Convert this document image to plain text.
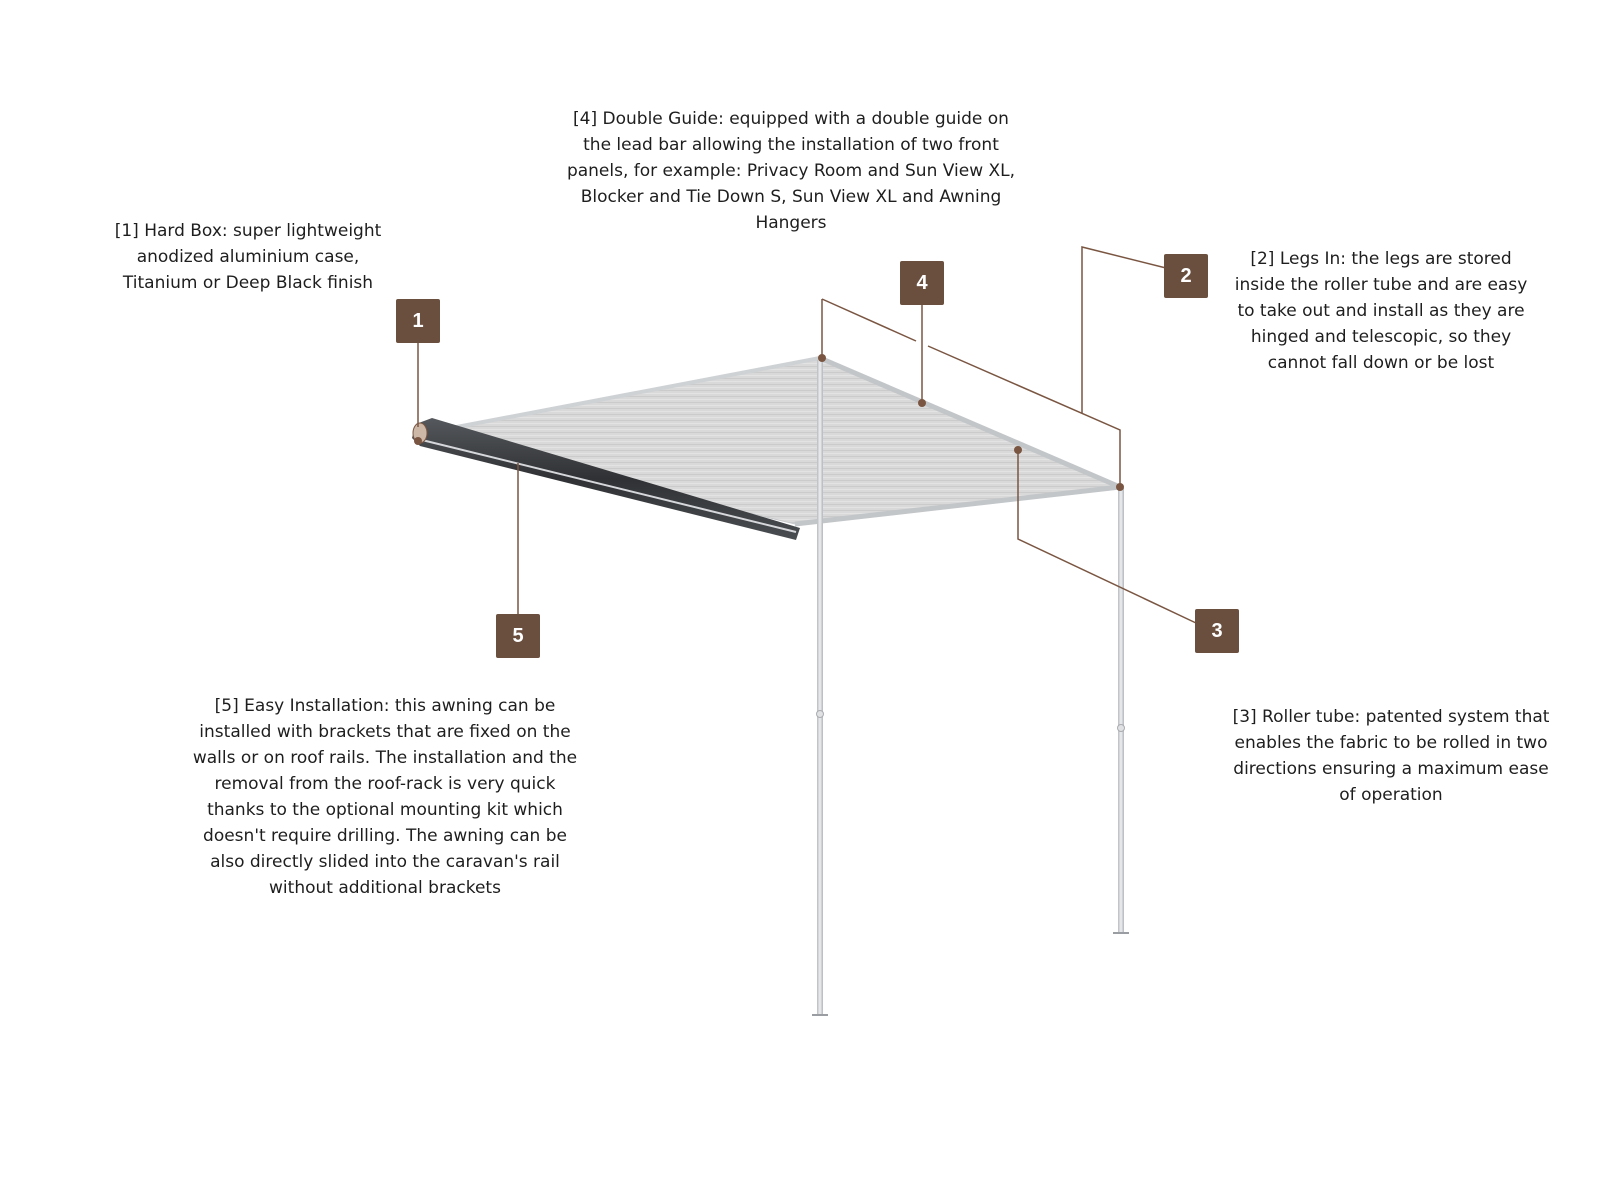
1
2
3
4
5
[1] Hard Box: super lightweight anodized aluminium case, Titanium or Deep Black finish
[2] Legs In: the legs are stored inside the roller tube and are easy to take out and install as they are hinged and telescopic, so they cannot fall down or be lost
[3] Roller tube: patented system that enables the fabric to be rolled in two directions ensuring a maximum ease of operation
[4] Double Guide: equipped with a double guide on the lead bar allowing the installation of two front panels, for example: Privacy Room and Sun View XL, Blocker and Tie Down S, Sun View XL and Awning Hangers
[5] Easy Installation: this awning can be installed with brackets that are fixed on the walls or on roof rails. The installation and the removal from the roof-rack is very quick thanks to the optional mounting kit which doesn't require drilling. The awning can be also directly slided into the caravan's rail without additional brackets
